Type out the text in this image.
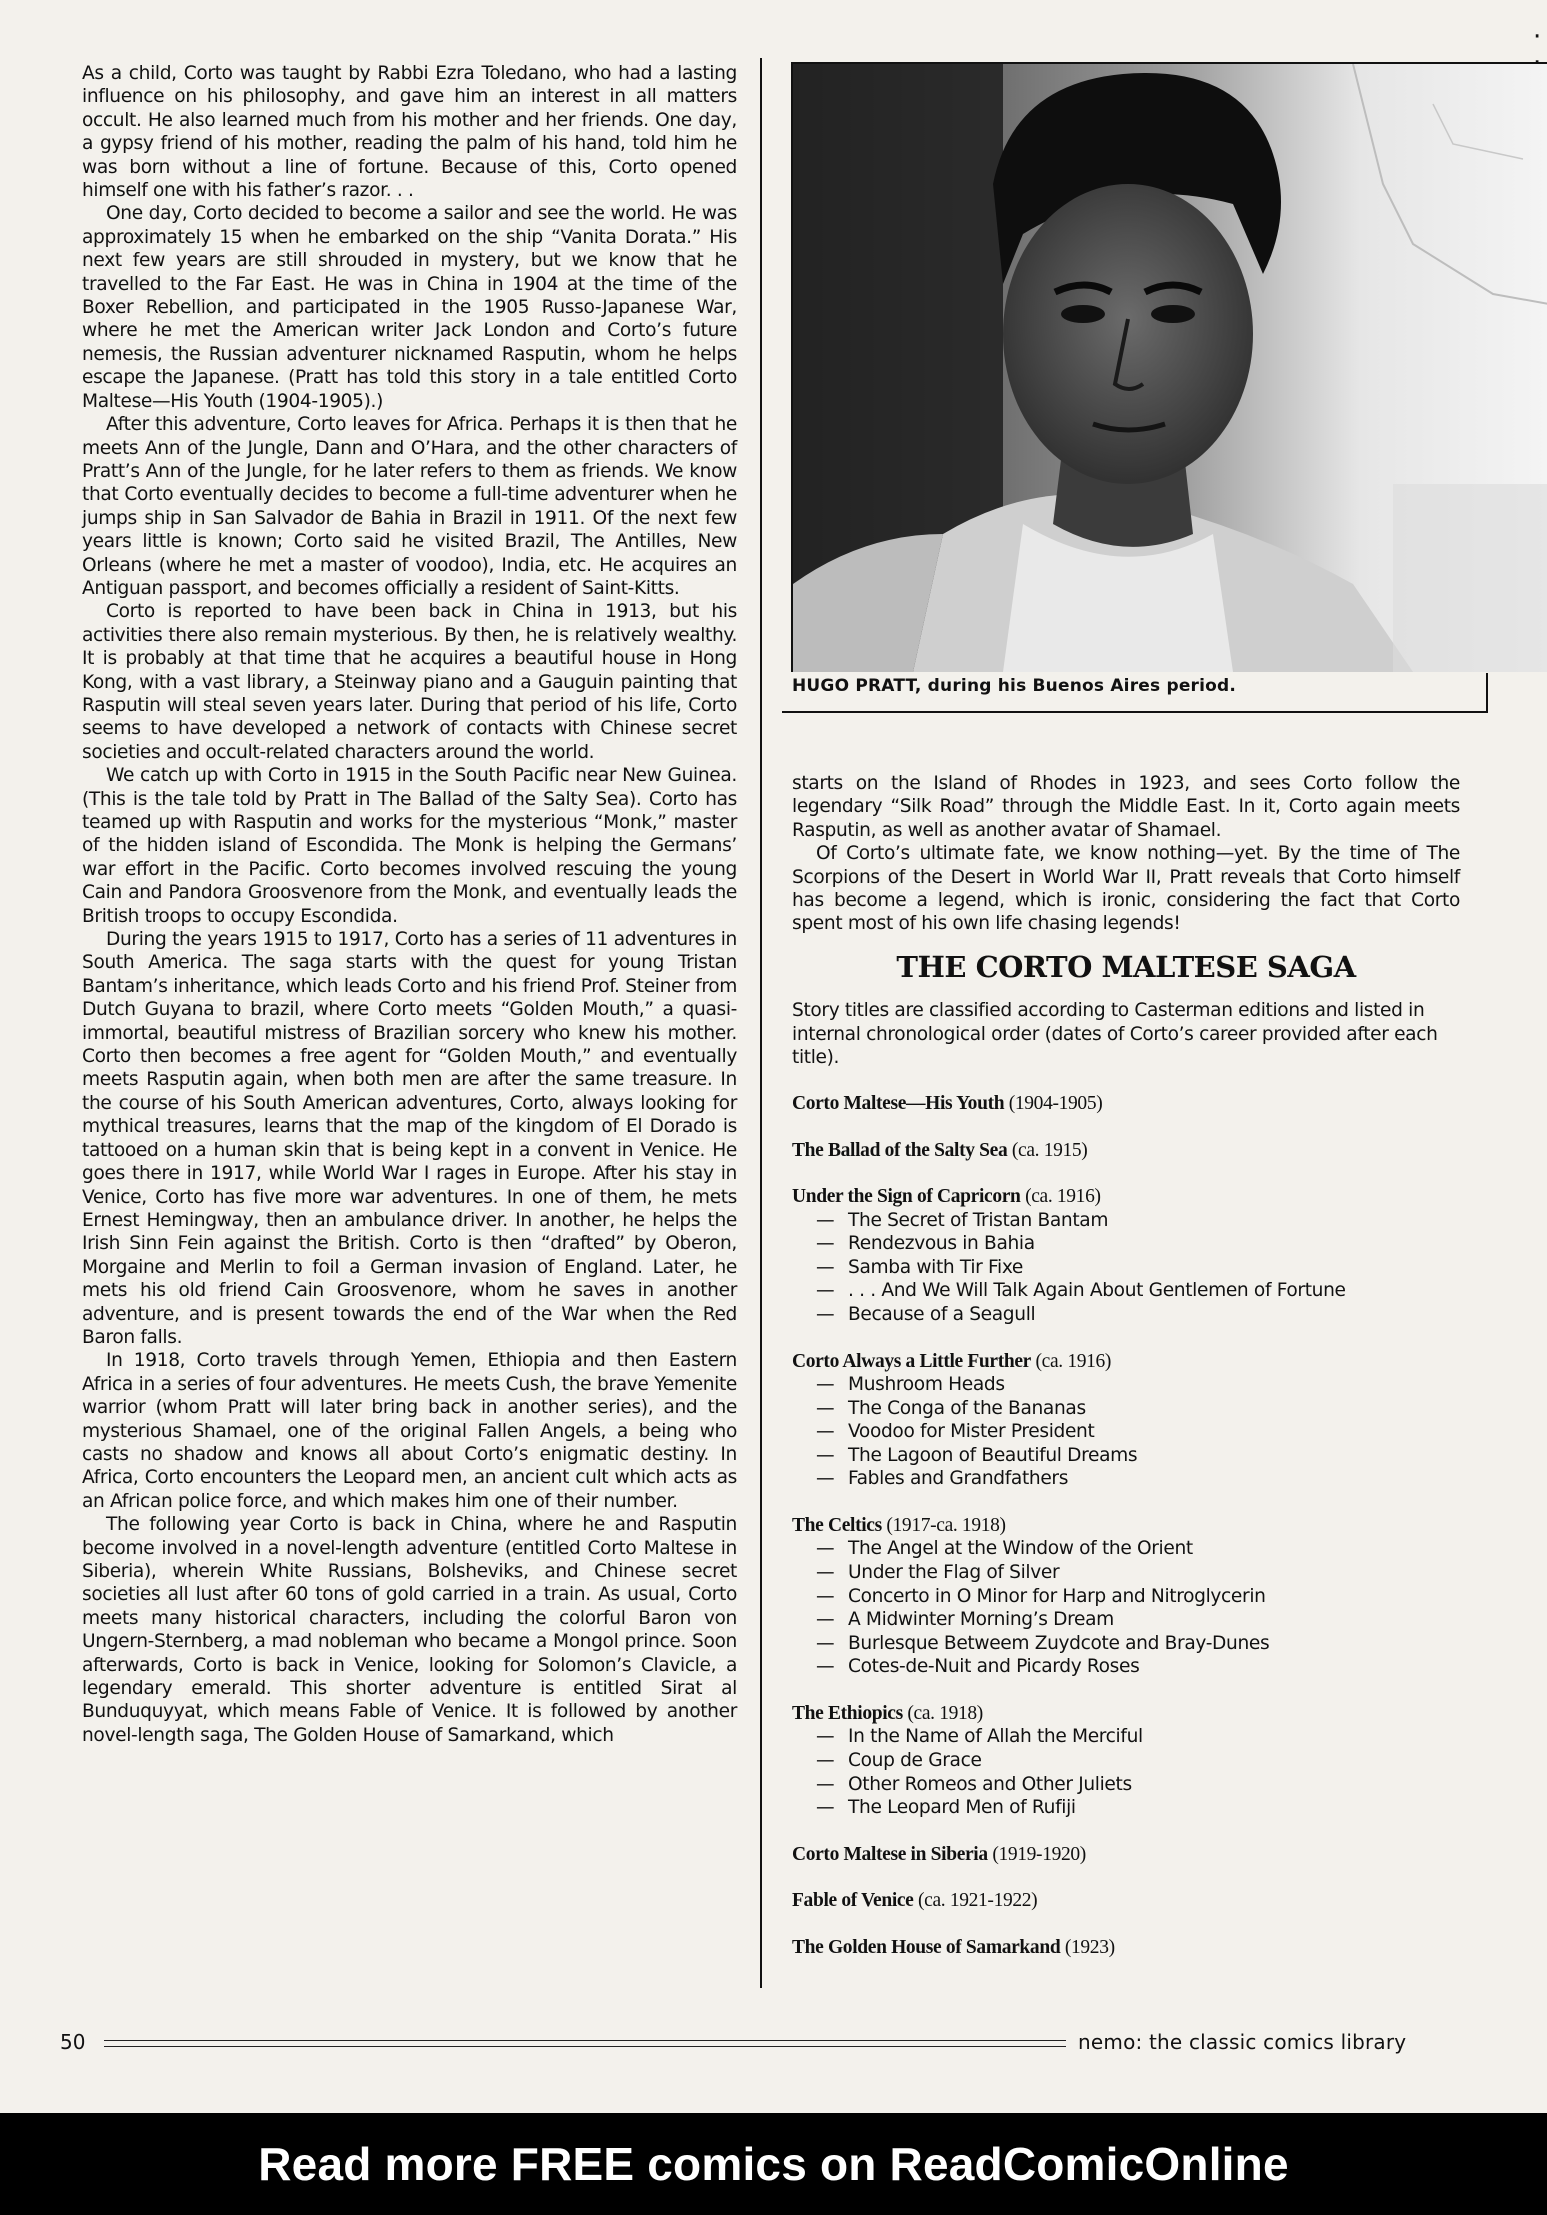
·

As a child, Corto was taught by Rabbi Ezra Toledano, who had a lasting influence on his philosophy, and gave him an interest in all matters occult. He also learned much from his mother and her friends. One day, a gypsy friend of his mother, reading the palm of his hand, told him he was born without a line of fortune. Because of this, Corto opened himself one with his father’s razor. . .

One day, Corto decided to become a sailor and see the world. He was approximately 15 when he embarked on the ship “Vanita Dorata.” His next few years are still shrouded in mystery, but we know that he travelled to the Far East. He was in China in 1904 at the time of the Boxer Rebellion, and participated in the 1905 Russo-Japanese War, where he met the American writer Jack London and Corto’s future nemesis, the Russian adventurer nicknamed Rasputin, whom he helps escape the Japanese. (Pratt has told this story in a tale entitled Corto Maltese—His Youth (1904-1905).)

After this adventure, Corto leaves for Africa. Perhaps it is then that he meets Ann of the Jungle, Dann and O’Hara, and the other characters of Pratt’s Ann of the Jungle, for he later refers to them as friends. We know that Corto eventually decides to become a full-time adventurer when he jumps ship in San Salvador de Bahia in Brazil in 1911. Of the next few years little is known; Corto said he visited Brazil, The Antilles, New Orleans (where he met a master of voodoo), India, etc. He acquires an Antiguan passport, and becomes officially a resident of Saint-Kitts.

Corto is reported to have been back in China in 1913, but his activities there also remain mysterious. By then, he is relatively wealthy. It is probably at that time that he acquires a beautiful house in Hong Kong, with a vast library, a Steinway piano and a Gauguin painting that Rasputin will steal seven years later. During that period of his life, Corto seems to have developed a network of contacts with Chinese secret societies and occult-related characters around the world.

We catch up with Corto in 1915 in the South Pacific near New Guinea. (This is the tale told by Pratt in The Ballad of the Salty Sea). Corto has teamed up with Rasputin and works for the mysterious “Monk,” master of the hidden island of Escondida. The Monk is helping the Germans’ war effort in the Pacific. Corto becomes involved rescuing the young Cain and Pandora Groosvenore from the Monk, and eventually leads the British troops to occupy Escondida.

During the years 1915 to 1917, Corto has a series of 11 adventures in South America. The saga starts with the quest for young Tristan Bantam’s inheritance, which leads Corto and his friend Prof. Steiner from Dutch Guyana to brazil, where Corto meets “Golden Mouth,” a quasi-immortal, beautiful mistress of Brazilian sorcery who knew his mother. Corto then becomes a free agent for “Golden Mouth,” and eventually meets Rasputin again, when both men are after the same treasure. In the course of his South American adventures, Corto, always looking for mythical treasures, learns that the map of the kingdom of El Dorado is tattooed on a human skin that is being kept in a convent in Venice. He goes there in 1917, while World War I rages in Europe. After his stay in Venice, Corto has five more war adventures. In one of them, he mets Ernest Hemingway, then an ambulance driver. In another, he helps the Irish Sinn Fein against the British. Corto is then “drafted” by Oberon, Morgaine and Merlin to foil a German invasion of England. Later, he mets his old friend Cain Groosvenore, whom he saves in another adventure, and is present towards the end of the War when the Red Baron falls.

In 1918, Corto travels through Yemen, Ethiopia and then Eastern Africa in a series of four adventures. He meets Cush, the brave Yemenite warrior (whom Pratt will later bring back in another series), and the mysterious Shamael, one of the original Fallen Angels, a being who casts no shadow and knows all about Corto’s enigmatic destiny. In Africa, Corto encounters the Leopard men, an ancient cult which acts as an African police force, and which makes him one of their number.

The following year Corto is back in China, where he and Rasputin become involved in a novel-length adventure (entitled Corto Maltese in Siberia), wherein White Russians, Bolsheviks, and Chinese secret societies all lust after 60 tons of gold carried in a train. As usual, Corto meets many historical characters, including the colorful Baron von Ungern-Sternberg, a mad nobleman who became a Mongol prince. Soon afterwards, Corto is back in Venice, looking for Solomon’s Clavicle, a legendary emerald. This shorter adventure is entitled Sirat al Bunduquyyat, which means Fable of Venice. It is followed by another novel-length saga, The Golden House of Samarkand, which

HUGO PRATT, during his Buenos Aires period.

starts on the Island of Rhodes in 1923, and sees Corto follow the legendary “Silk Road” through the Middle East. In it, Corto again meets Rasputin, as well as another avatar of Shamael.

Of Corto’s ultimate fate, we know nothing—yet. By the time of The Scorpions of the Desert in World War II, Pratt reveals that Corto himself has become a legend, which is ironic, considering the fact that Corto spent most of his own life chasing legends!

THE CORTO MALTESE SAGA
Story titles are classified according to Casterman editions and listed in internal chronological order (dates of Corto’s career provided after each title).
Corto Maltese—His Youth (1904-1905)
The Ballad of the Salty Sea (ca. 1915)
Under the Sign of Capricorn (ca. 1916)
— The Secret of Tristan Bantam
— Rendezvous in Bahia
— Samba with Tir Fixe
— . . . And We Will Talk Again About Gentlemen of Fortune
— Because of a Seagull
Corto Always a Little Further (ca. 1916)
— Mushroom Heads
— The Conga of the Bananas
— Voodoo for Mister President
— The Lagoon of Beautiful Dreams
— Fables and Grandfathers
The Celtics (1917-ca. 1918)
— The Angel at the Window of the Orient
— Under the Flag of Silver
— Concerto in O Minor for Harp and Nitroglycerin
— A Midwinter Morning’s Dream
— Burlesque Betweem Zuydcote and Bray-Dunes
— Cotes-de-Nuit and Picardy Roses
The Ethiopics (ca. 1918)
— In the Name of Allah the Merciful
— Coup de Grace
— Other Romeos and Other Juliets
— The Leopard Men of Rufiji
Corto Maltese in Siberia (1919-1920)
Fable of Venice (ca. 1921-1922)
The Golden House of Samarkand (1923)
50	nemo: the classic comics library
Read more FREE comics on ReadComicOnline
